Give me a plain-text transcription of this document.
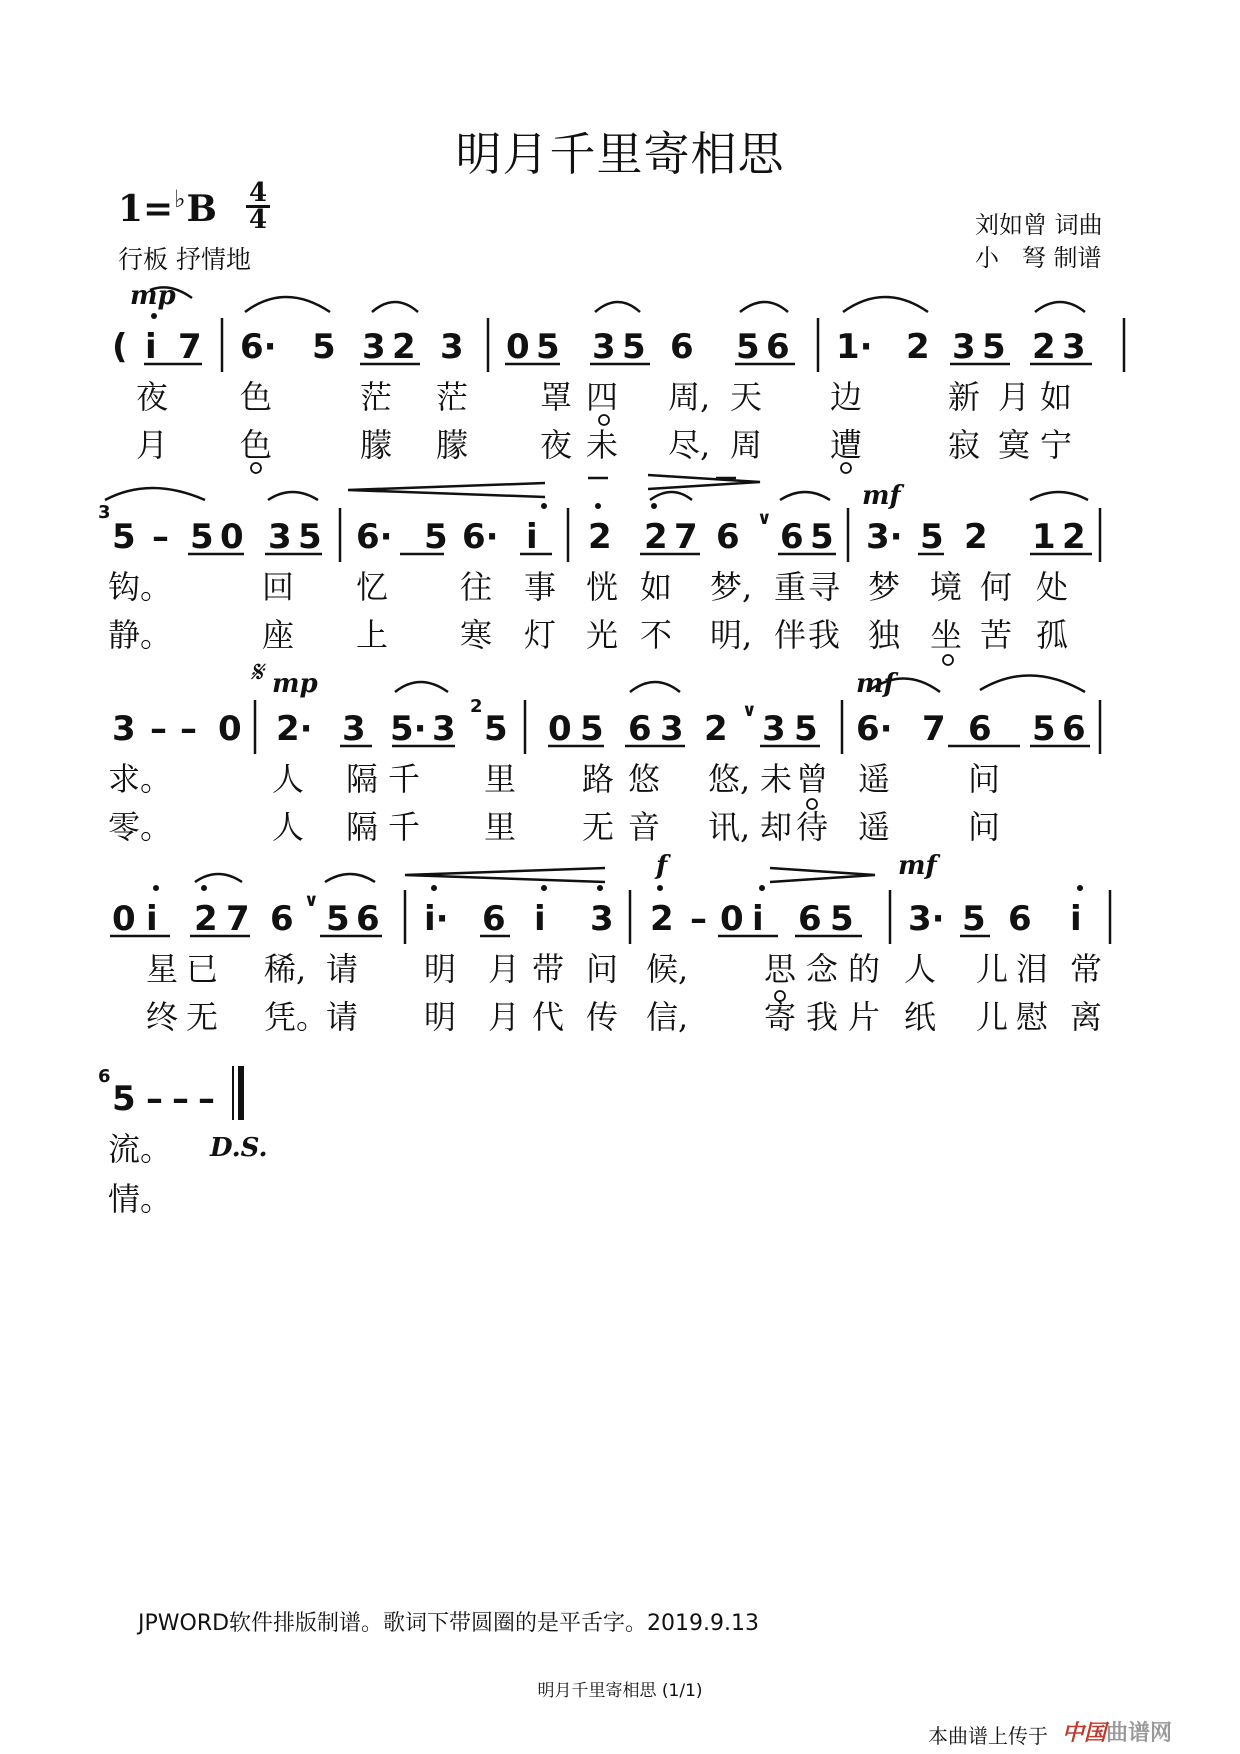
明月千里寄相思
1=♭B 4
4
行板 抒情地
刘如曾 词曲
小   弩 制谱
( i 7 6· 5 3 2 3 0 5 3 5 6 5 6 1· 2 3 5 2 3
mp
夜 色	茫 茫 罩 四 周, 天 边	新 月 如
月 色	朦 朦 夜 未 尽, 周 遭	寂 寞 宁
3
5 – 5 0 3 5 6· 5 6· i 2 2 7 6 6 5 3· 5 2 1 2
∨
mf
钩。	回 忆 往 事 恍 如 梦, 重 寻 梦 境 何 处
静。	座 上 寒 灯 光 不 明, 伴 我 独 坐 苦 孤
3 – – 0 2· 3 5· 3
2
5 0 5 6 3 2 3 5 6· 7 6 5 6
∨
𝄋 mp	mf
求。	人 隔 千 里 路 悠 悠, 未 曾 遥 问
零。	人 隔 千 里 无 音 讯, 却 待 遥 问
0 i 2 7 6 5 6 i· 6 i 3 2 – 0 i 6 5 3· 5 6 i
∨
f	mf
星 已 稀, 请 明 月 带 问 候, 思 念 的 人 儿 泪 常
终 无 凭。
请 明 月 代 传 信, 寄 我 片 纸 儿 慰 离
6
5 – – –
流。
情。
D.S.
JPWORD软件排版制谱。歌词下带圆圈的是平舌字。2019.9.13
明月千里寄相思 (1/1)
本曲谱上传于 中国曲谱网
